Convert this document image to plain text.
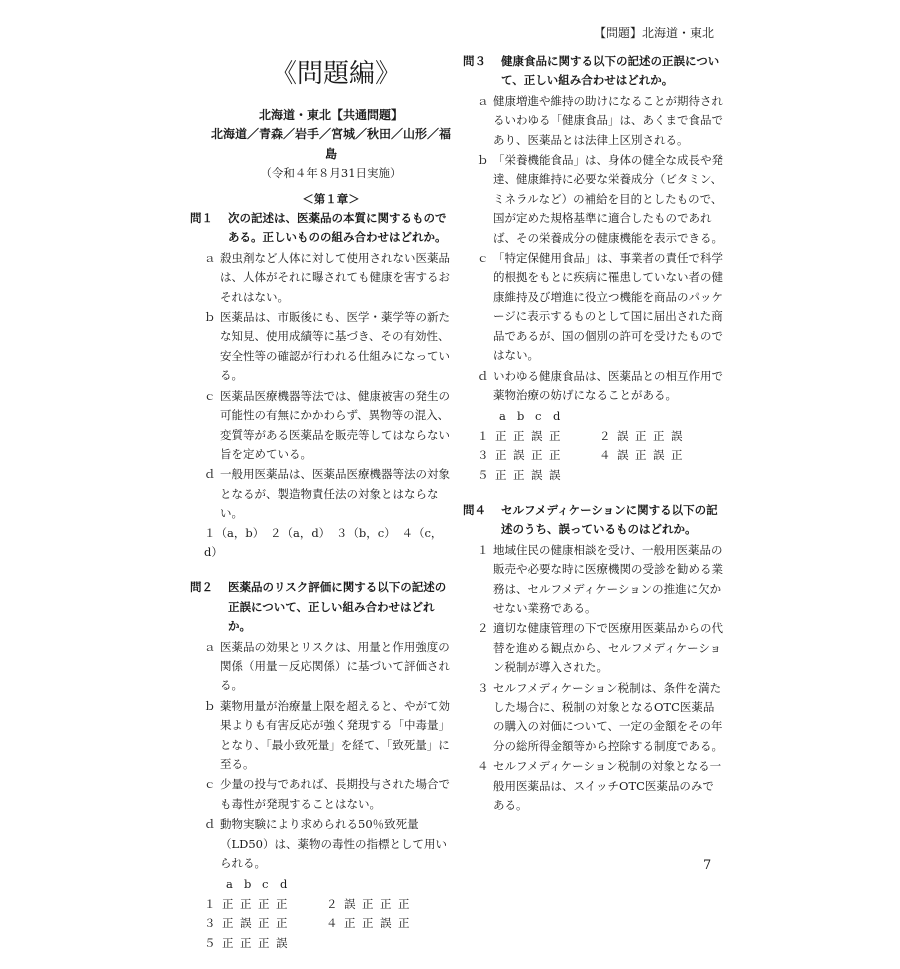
【問題】北海道・東北
《問題編》
北海道・東北【共通問題】
北海道／青森／岩手／宮城／秋田／山形／福島
（令和４年８月31日実施）
＜第１章＞
問１ 次の記述は、医薬品の本質に関するものである。正しいものの組み合わせはどれか。
ａ 殺虫剤など人体に対して使用されない医薬品は、人体がそれに曝されても健康を害するおそれはない。
ｂ 医薬品は、市販後にも、医学・薬学等の新たな知見、使用成績等に基づき、その有効性、安全性等の確認が行われる仕組みになっている。
ｃ 医薬品医療機器等法では、健康被害の発生の可能性の有無にかかわらず、異物等の混入、変質等がある医薬品を販売等してはならない旨を定めている。
ｄ 一般用医薬品は、医薬品医療機器等法の対象となるが、製造物責任法の対象とはならない。
１（a，b）　２（a，d）　３（b，c）　４（c，d）
問２ 医薬品のリスク評価に関する以下の記述の正誤について、正しい組み合わせはどれか。
ａ 医薬品の効果とリスクは、用量と作用強度の関係（用量－反応関係）に基づいて評価される。
ｂ 薬物用量が治療量上限を超えると、やがて効果よりも有害反応が強く発現する「中毒量」となり、「最小致死量」を経て、「致死量」に至る。
ｃ 少量の投与であれば、長期投与された場合でも毒性が発現することはない。
ｄ 動物実験により求められる50％致死量（LD50）は、薬物の毒性の指標として用いられる。
a b c d
１ 正 正 正 正	２ 誤 正 正 正
３ 正 誤 正 正	４ 正 正 誤 正
５ 正 正 正 誤
問３ 健康食品に関する以下の記述の正誤について、正しい組み合わせはどれか。
ａ 健康増進や維持の助けになることが期待されるいわゆる「健康食品」は、あくまで食品であり、医薬品とは法律上区別される。
ｂ 「栄養機能食品」は、身体の健全な成長や発達、健康維持に必要な栄養成分（ビタミン、ミネラルなど）の補給を目的としたもので、国が定めた規格基準に適合したものであれば、その栄養成分の健康機能を表示できる。
ｃ 「特定保健用食品」は、事業者の責任で科学的根拠をもとに疾病に罹患していない者の健康維持及び増進に役立つ機能を商品のパッケージに表示するものとして国に届出された商品であるが、国の個別の許可を受けたものではない。
ｄ いわゆる健康食品は、医薬品との相互作用で薬物治療の妨げになることがある。
a b c d
１ 正 正 誤 正	２ 誤 正 正 誤
３ 正 誤 正 正	４ 誤 正 誤 正
５ 正 正 誤 誤
問４ セルフメディケーションに関する以下の記述のうち、誤っているものはどれか。
１ 地域住民の健康相談を受け、一般用医薬品の販売や必要な時に医療機関の受診を勧める業務は、セルフメディケーションの推進に欠かせない業務である。
２ 適切な健康管理の下で医療用医薬品からの代替を進める観点から、セルフメディケーション税制が導入された。
３ セルフメディケーション税制は、条件を満たした場合に、税制の対象となるOTC医薬品の購入の対価について、一定の金額をその年分の総所得金額等から控除する制度である。
４ セルフメディケーション税制の対象となる一般用医薬品は、スイッチOTC医薬品のみである。
7
